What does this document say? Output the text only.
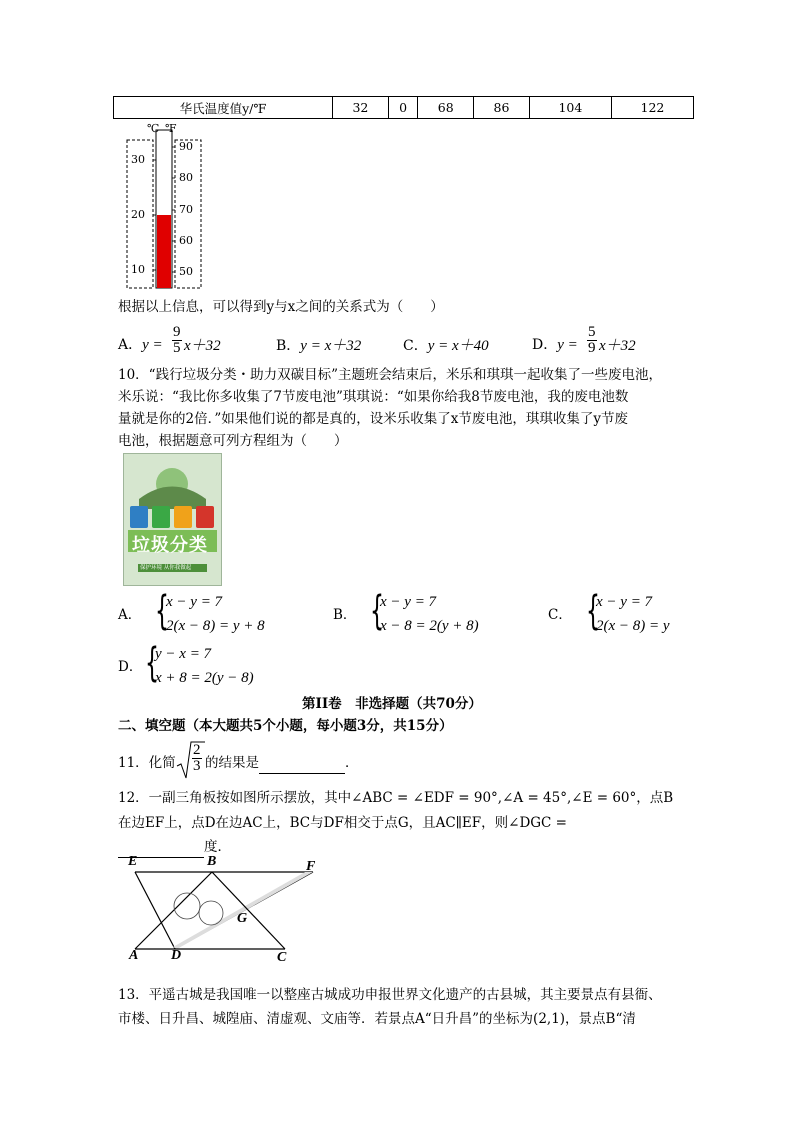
华氏温度值y/℉	32	0	68	86	104	122
℃ ℉
30
20
10
90
80
70
60
50
根据以上信息，可以得到y与x之间的关系式为（　　）
A．$y = \frac{9}{5} x+32$	B．y = x＋32	C．y = x＋40	D．$y = \frac{5}{9} x+32$
10．“践行垃圾分类・助力双碳目标”主题班会结束后，米乐和琪琪一起收集了一些废电池，
米乐说：“我比你多收集了7节废电池”琪琪说：“如果你给我8节废电池，我的废电池数
量就是你的2倍．”如果他们说的都是真的，设米乐收集了x节废电池，琪琪收集了y节废
电池，根据题意可列方程组为（　　）
垃圾分类
保护环境 从你我做起
A． {
x − y = 7
2(x − 8) = y + 8
B． {
x − y = 7
x − 8 = 2(y + 8)
C． {
x − y = 7
2(x − 8) = y
D． {
y − x = 7
x + 8 = 2(y − 8)
第II卷　非选择题（共70分）
二、填空题（本大题共5个小题，每小题3分，共15分）
11．化简 $\frac{2}{3}$ 的结果是	．
12．一副三角板按如图所示摆放，其中∠ABC = ∠EDF = 90°,∠A = 45°,∠E = 60°，点B
在边EF上，点D在边AC上，BC与DF相交于点G，且AC∥EF，则∠DGC =
度．
E	B	F
G
A D	C
13．平遥古城是我国唯一以整座古城成功申报世界文化遗产的古县城，其主要景点有县衙、
市楼、日升昌、城隍庙、清虚观、文庙等．若景点A“日升昌”的坐标为(2,1)，景点B“清
